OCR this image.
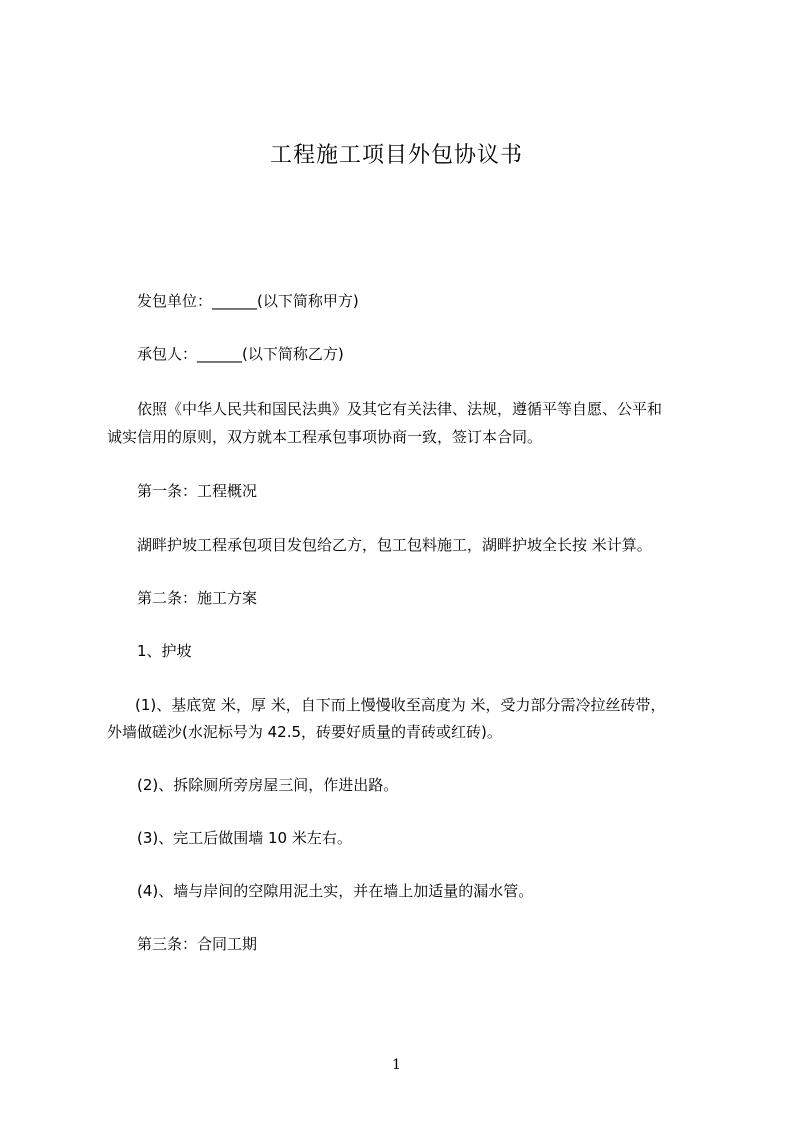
工程施工项目外包协议书

发包单位：______(以下简称甲方)

承包人：______(以下简称乙方)

依照《中华人民共和国民法典》及其它有关法律、法规，遵循平等自愿、公平和

诚实信用的原则，双方就本工程承包事项协商一致，签订本合同。

第一条：工程概况

湖畔护坡工程承包项目发包给乙方，包工包料施工，湖畔护坡全长按 米计算。

第二条：施工方案

1、护坡

(1)、基底宽 米，厚 米，自下而上慢慢收至高度为 米，受力部分需冷拉丝砖带，

外墙做磋沙(水泥标号为 42.5，砖要好质量的青砖或红砖)。

(2)、拆除厕所旁房屋三间，作进出路。

(3)、完工后做围墙 10 米左右。

(4)、墙与岸间的空隙用泥土实，并在墙上加适量的漏水管。

第三条：合同工期

1
